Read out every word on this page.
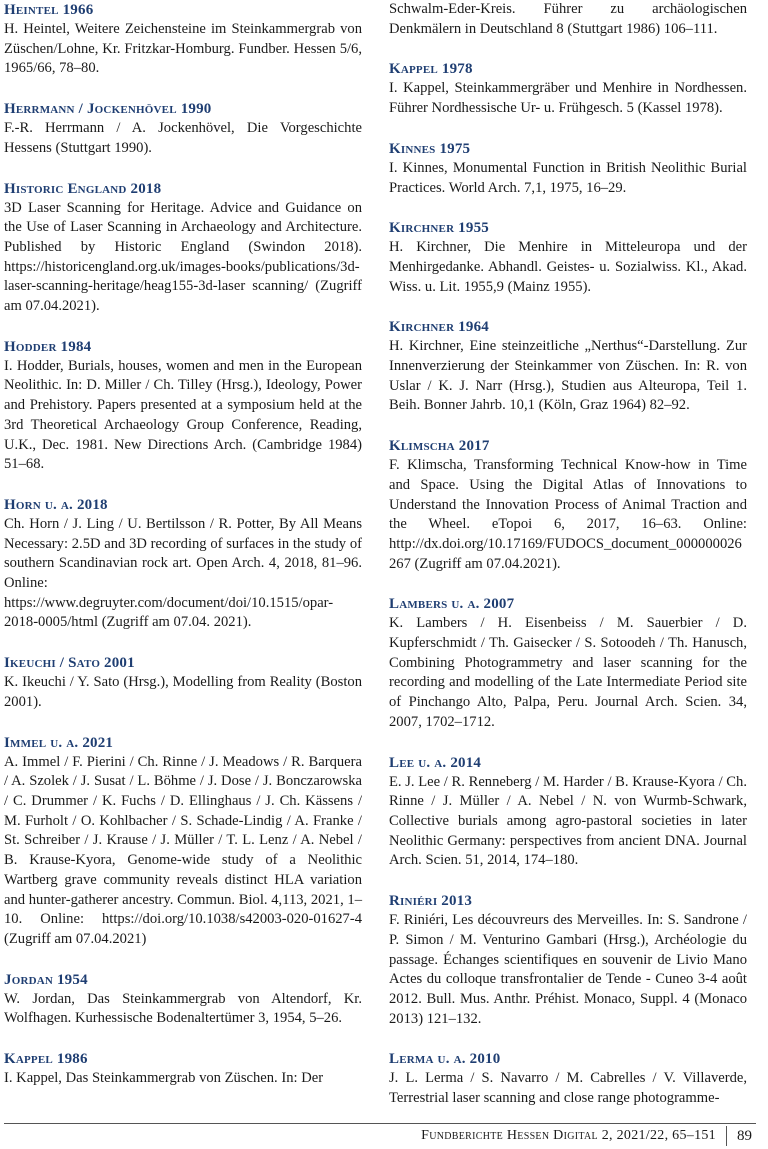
Heintel 1966
H. Heintel, Weitere Zeichensteine im Steinkammergrab von Züschen/Lohne, Kr. Fritzkar-Homburg. Fundber. Hessen 5/6, 1965/66, 78–80.
Herrmann / Jockenhövel 1990
F.-R. Herrmann / A. Jockenhövel, Die Vorgeschichte Hessens (Stuttgart 1990).
Historic England 2018
3D Laser Scanning for Heritage. Advice and Guidance on the Use of Laser Scanning in Archaeology and Architecture. Published by Historic England (Swindon 2018). https://historicengland.org.uk/images-books/publications/3d-laser-scanning-heritage/heag155-3d-laser scanning/ (Zugriff am 07.04.2021).
Hodder 1984
I. Hodder, Burials, houses, women and men in the European Neolithic. In: D. Miller / Ch. Tilley (Hrsg.), Ideology, Power and Prehistory. Papers presented at a symposium held at the 3rd Theoretical Archaeology Group Conference, Reading, U.K., Dec. 1981. New Directions Arch. (Cambridge 1984) 51–68.
Horn u. a. 2018
Ch. Horn / J. Ling / U. Bertilsson / R. Potter, By All Means Necessary: 2.5D and 3D recording of surfaces in the study of southern Scandinavian rock art. Open Arch. 4, 2018, 81–96. Online: https://www.degruyter.com/document/doi/10.1515/opar-2018-0005/html (Zugriff am 07.04. 2021).
Ikeuchi / Sato 2001
K. Ikeuchi / Y. Sato (Hrsg.), Modelling from Reality (Boston 2001).
Immel u. a. 2021
A. Immel / F. Pierini / Ch. Rinne / J. Meadows / R. Barquera / A. Szolek / J. Susat / L. Böhme / J. Dose / J. Bonczarowska / C. Drummer / K. Fuchs / D. Ellinghaus / J. Ch. Kässens / M. Furholt / O. Kohlbacher / S. Schade-Lindig / A. Franke / St. Schreiber / J. Krause / J. Müller / T. L. Lenz / A. Nebel / B. Krause-Kyora, Genome-wide study of a Neolithic Wartberg grave community reveals distinct HLA variation and hunter-gatherer ancestry. Commun. Biol. 4,113, 2021, 1–10. Online: https://doi.org/10.1038/s42003-020-01627-4 (Zugriff am 07.04.2021)
Jordan 1954
W. Jordan, Das Steinkammergrab von Altendorf, Kr. Wolfhagen. Kurhessische Bodenaltertümer 3, 1954, 5–26.
Kappel 1986
I. Kappel, Das Steinkammergrab von Züschen. In: Der
Schwalm-Eder-Kreis. Führer zu archäologischen Denkmälern in Deutschland 8 (Stuttgart 1986) 106–111.
Kappel 1978
I. Kappel, Steinkammergräber und Menhire in Nordhessen. Führer Nordhessische Ur- u. Frühgesch. 5 (Kassel 1978).
Kinnes 1975
I. Kinnes, Monumental Function in British Neolithic Burial Practices. World Arch. 7,1, 1975, 16–29.
Kirchner 1955
H. Kirchner, Die Menhire in Mitteleuropa und der Menhirgedanke. Abhandl. Geistes- u. Sozialwiss. Kl., Akad. Wiss. u. Lit. 1955,9 (Mainz 1955).
Kirchner 1964
H. Kirchner, Eine steinzeitliche „Nerthus“-Darstellung. Zur Innenverzierung der Steinkammer von Züschen. In: R. von Uslar / K. J. Narr (Hrsg.), Studien aus Alteuropa, Teil 1. Beih. Bonner Jahrb. 10,1 (Köln, Graz 1964) 82–92.
Klimscha 2017
F. Klimscha, Transforming Technical Know-how in Time and Space. Using the Digital Atlas of Innovations to Understand the Innovation Process of Animal Traction and the Wheel. eTopoi 6, 2017, 16–63. Online: http://dx.doi.org/10.17169/FUDOCS_document_000000026267 (Zugriff am 07.04.2021).
Lambers u. a. 2007
K. Lambers / H. Eisenbeiss / M. Sauerbier / D. Kupferschmidt / Th. Gaisecker / S. Sotoodeh / Th. Hanusch, Combining Photogrammetry and laser scanning for the recording and modelling of the Late Intermediate Period site of Pinchango Alto, Palpa, Peru. Journal Arch. Scien. 34, 2007, 1702–1712.
Lee u. a. 2014
E. J. Lee / R. Renneberg / M. Harder / B. Krause-Kyora / Ch. Rinne / J. Müller / A. Nebel / N. von Wurmb-Schwark, Collective burials among agro-pastoral societies in later Neolithic Germany: perspectives from ancient DNA. Journal Arch. Scien. 51, 2014, 174–180.
Riniéri 2013
F. Riniéri, Les découvreurs des Merveilles. In: S. Sandrone / P. Simon / M. Venturino Gambari (Hrsg.), Archéologie du passage. Échanges scientifiques en souvenir de Livio Mano Actes du colloque transfrontalier de Tende - Cuneo 3-4 août 2012. Bull. Mus. Anthr. Préhist. Monaco, Suppl. 4 (Monaco 2013) 121–132.
Lerma u. a. 2010
J. L. Lerma / S. Navarro / M. Cabrelles / V. Villaverde, Terrestrial laser scanning and close range photogramme-
Fundberichte Hessen Digital 2, 2021/22, 65–151 89
